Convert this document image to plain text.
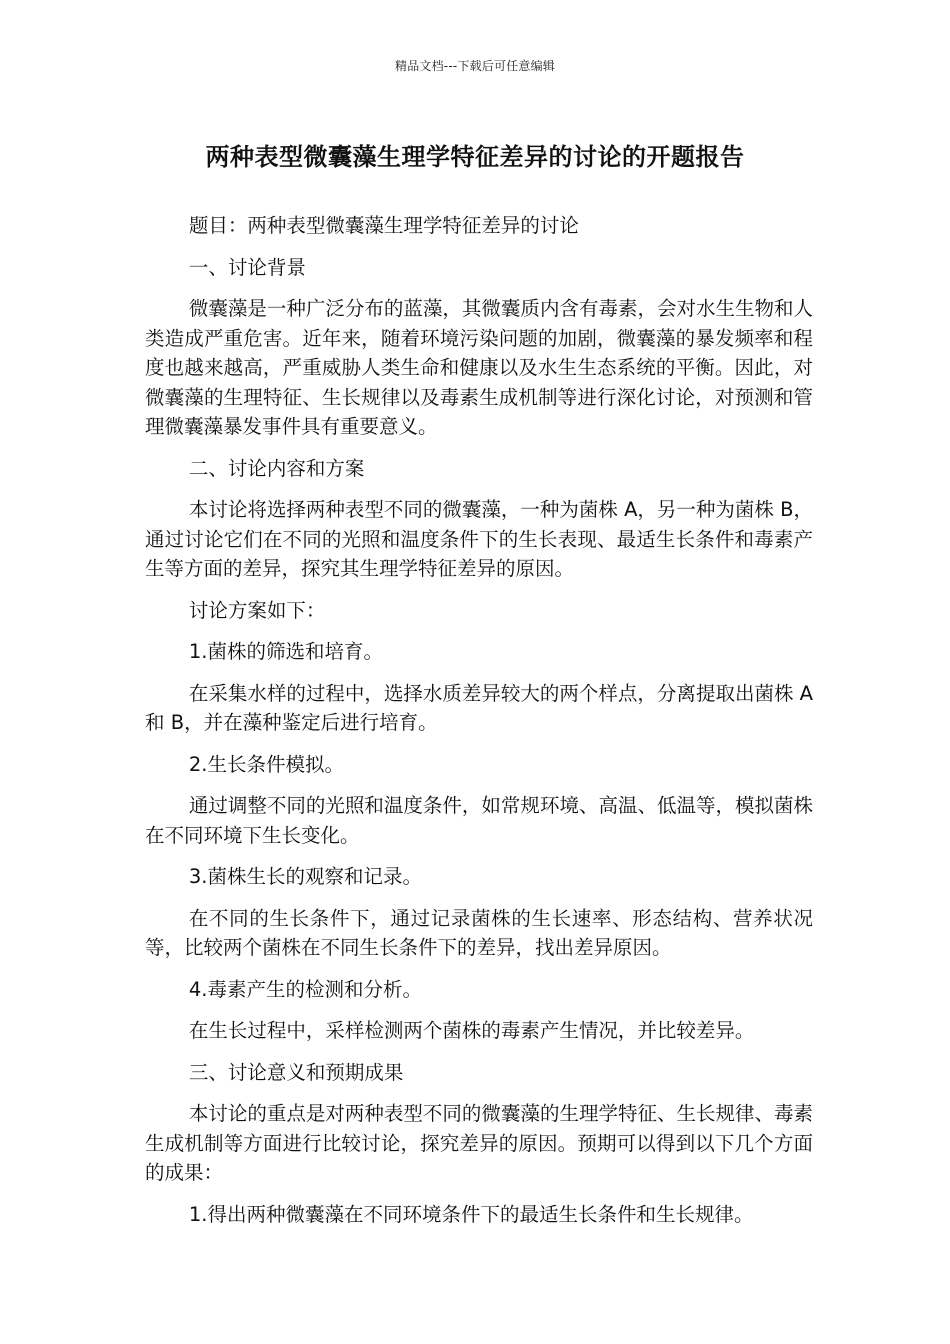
精品文档---下载后可任意编辑
两种表型微囊藻生理学特征差异的讨论的开题报告

题目：两种表型微囊藻生理学特征差异的讨论

一、讨论背景

微囊藻是一种广泛分布的蓝藻，其微囊质内含有毒素，会对水生生物和人类造成严重危害。近年来，随着环境污染问题的加剧，微囊藻的暴发频率和程度也越来越高，严重威胁人类生命和健康以及水生生态系统的平衡。因此，对微囊藻的生理特征、生长规律以及毒素生成机制等进行深化讨论，对预测和管理微囊藻暴发事件具有重要意义。

二、讨论内容和方案

本讨论将选择两种表型不同的微囊藻，一种为菌株 A，另一种为菌株 B，通过讨论它们在不同的光照和温度条件下的生长表现、最适生长条件和毒素产生等方面的差异，探究其生理学特征差异的原因。

讨论方案如下：

1.菌株的筛选和培育。

在采集水样的过程中，选择水质差异较大的两个样点，分离提取出菌株 A 和 B，并在藻种鉴定后进行培育。

2.生长条件模拟。

通过调整不同的光照和温度条件，如常规环境、高温、低温等，模拟菌株在不同环境下生长变化。

3.菌株生长的观察和记录。

在不同的生长条件下，通过记录菌株的生长速率、形态结构、营养状况等，比较两个菌株在不同生长条件下的差异，找出差异原因。

4.毒素产生的检测和分析。

在生长过程中，采样检测两个菌株的毒素产生情况，并比较差异。

三、讨论意义和预期成果

本讨论的重点是对两种表型不同的微囊藻的生理学特征、生长规律、毒素生成机制等方面进行比较讨论，探究差异的原因。预期可以得到以下几个方面的成果：

1.得出两种微囊藻在不同环境条件下的最适生长条件和生长规律。
